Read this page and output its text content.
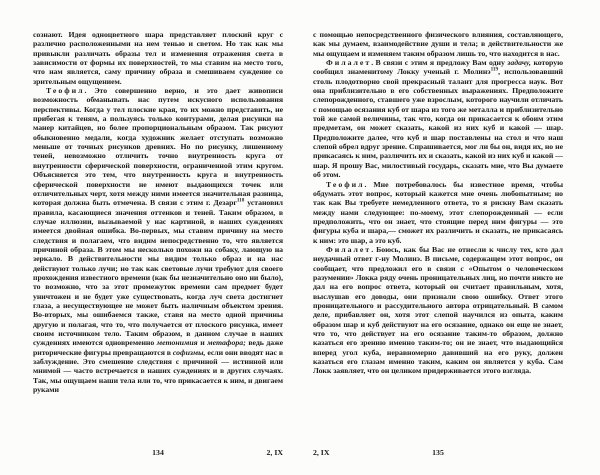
сознают. Идея одноцветного шара представляет плоский круг с различно расположенными на нем тенью и светом. Но так как мы привыкли различать образы тел и изменения отражения света в зависимости от формы их поверхностей, то мы ставим на место того, что нам является, саму причину образа и смешиваем суждение со зрительным ощущением.

Теофил. Это совершенно верно, и это дает живописи возможность обманывать нас путем искусного использования перспективы. Когда у тел плоские края, то их можно представить, не прибегая к теням, а пользуясь только контурами, делая рисунки на манер китайцев, но более пропорциональным образом. Так рисуют обыкновенно медали, когда художник желает отступать возможно меньше от точных рисунков древних. Но по рисунку, лишенному теней, невозможно отличить точно внутренность круга от внутренности сферической поверхности, ограниченной этим кругом. Объясняется это тем, что внутренность круга и внутренность сферической поверхности не имеют выдающихся точек или отличительных черт, хотя между ними имеется значительная разница, которая должна быть отмечена. В связи с этим г. Дезарг$^{118}$ установил правила, касающиеся значения оттенков и теней. Таким образом, в случае иллюзии, вызываемой у нас картиной, в наших суждениях имеется двойная ошибка. Во-первых, мы ставим причину на место следствия и полагаем, что видим непосредственно то, что является причиной образа. В этом мы несколько похожи на собаку, лающую на зеркало. В действительности мы видим только образ и на нас действуют только лучи; но так как световые лучи требуют для своего прохождения известного времени (как бы незначительно оно ни было), то возможно, что за этот промежуток времени сам предмет будет уничтожен и не будет уже существовать, когда луч света достигнет глаза, а несуществующее не может быть наличным объектом зрения. Во-вторых, мы ошибаемся также, ставя на место одной причины другую и полагая, что то, что получается от плоского рисунка, имеет своим источником тело. Таким образом, в данном случае в наших суждениях имеются одновременно метонимия и метафора; ведь даже риторические фигуры превращаются в софизмы, если они вводят нас в заблуждение. Это смешение следствия с причиной — истинной или мнимой — часто встречается в наших суждениях и в других случаях. Так, мы ощущаем наши тела или то, что прикасается к ним, и двигаем руками

134	2, IX

с помощью непосредственного физического влияния, составляющего, как мы думаем, взаимодействие души и тела; в действительности же мы ощущаем и изменяем таким образом лишь то, что находится в нас.

Филалет. В связи с этим я предложу Вам одну задачу, которую сообщил знаменитому Локку ученый г. Молинэ$^{119}$, использовавший столь плодотворно свой прекрасный талант для прогресса наук. Вот она приблизительно в его собственных выражениях. Предположите слепорожденного, ставшего уже взрослым, которого научили отличать с помощью осязания куб от шара из того же металла и приблизительно той же самой величины, так что, когда он прикасается к обоим этим предметам, он может сказать, какой из них куб и какой — шар. Предположите далее, что куб и шар поставлены на стол и что наш слепой обрел вдруг зрение. Спрашивается, мог ли бы он, видя их, но не прикасаясь к ним, различить их и сказать, какой из них куб и какой — шар. Я прошу Вас, милостивый государь, сказать мне, что Вы думаете об этом.

Теофил. Мне потребовалось бы известное время, чтобы обдумать этот вопрос, который кажется мне очень любопытным; но так как Вы требуете немедленного ответа, то я рискну Вам сказать между нами следующее: по-моему, этот слепорожденный — если предположить, что он знает, что стоящие перед ним фигуры — это фигуры куба и шара,— сможет их различить и сказать, не прикасаясь к ним: это шар, а это куб.

Филалет. Боюсь, как бы Вас не отнесли к числу тех, кто дал неудачный ответ г-ну Молинэ. В письме, содержащем этот вопрос, он сообщает, что предложил его в связи с «Опытом о человеческом разумении» Локка ряду очень проницательных лиц, но почти никто не дал на его вопрос ответа, который он считает правильным, хотя, выслушав его доводы, они признали свою ошибку. Ответ этого проницательного и рассудительного автора отрицательный. В самом деле, прибавляет он, хотя этот слепой научился из опыта, каким образом шар и куб действуют на его осязание, однако он еще не знает, что то, что действует на его осязание таким-то образом, должно казаться его зрению именно таким-то; он не знает, что выдающийся вперед угол куба, неравномерно давивший на его руку, должен казаться его глазам именно таким, каким он является у куба. Сам Локк заявляет, что он целиком придерживается этого взгляда.

2, IX	135
